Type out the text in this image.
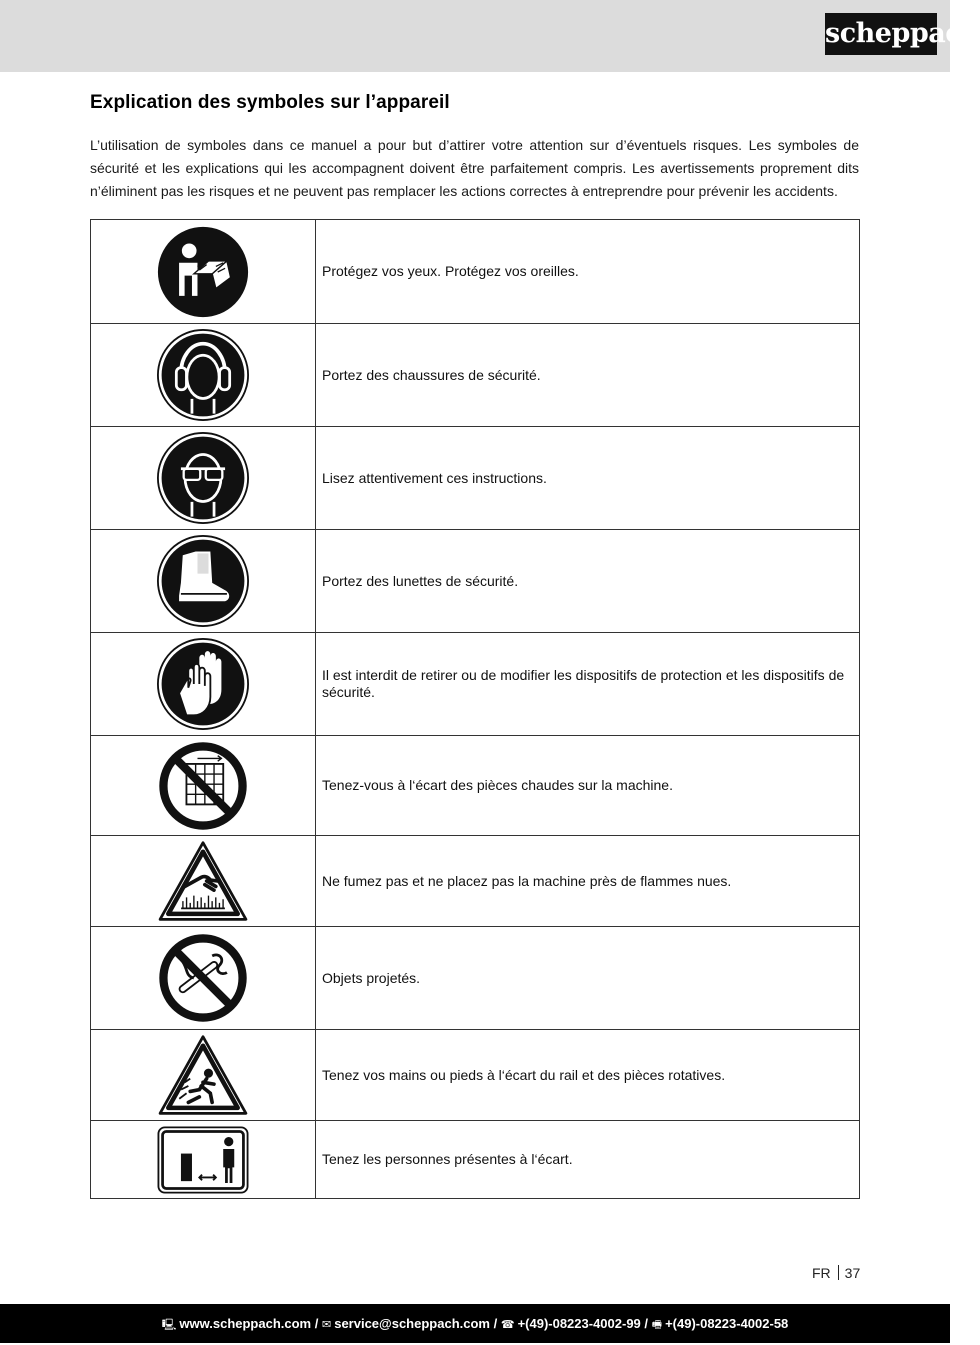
scheppach
Explication des symboles sur l’appareil

L’utilisation de symboles dans ce manuel a pour but d’attirer votre attention sur d’éventuels risques. Les symboles de sécurité et les explications qui les accompagnent doivent être parfaitement compris. Les avertissements proprement dits n’éliminent pas les risques et ne peuvent pas remplacer les actions correctes à entreprendre pour prévenir les accidents.

	Protégez vos yeux. Protégez vos oreilles.

	Portez des chaussures de sécurité.

	Lisez attentivement ces instructions.

	Portez des lunettes de sécurité.

	Il est interdit de retirer ou de modifier les dispositifs de protection et les dispositifs de sécurité.

	Tenez-vous à l‘écart des pièces chaudes sur la machine.

	Ne fumez pas et ne placez pas la machine près de flammes nues.

	Objets projetés.

	Tenez vos mains ou pieds à l‘écart du rail et des pièces rotatives.

	Tenez les personnes présentes à l‘écart.
FR 37
🖳 www.scheppach.com / ✉ service@scheppach.com / ☎ +(49)-08223-4002-99 / 🖷 +(49)-08223-4002-58
